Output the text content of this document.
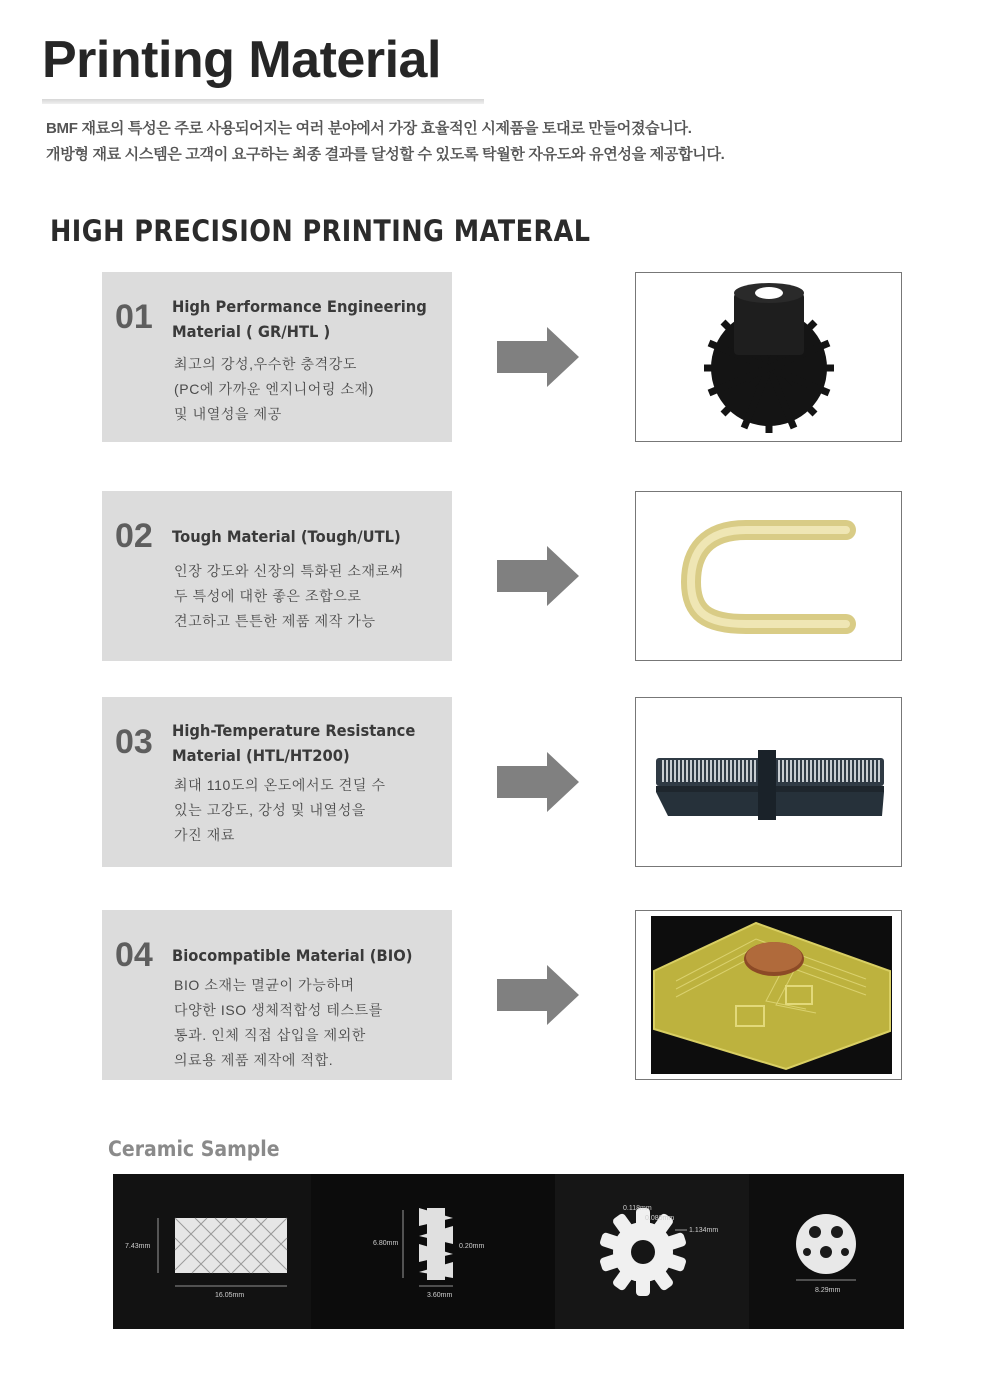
Printing Material
BMF 재료의 특성은 주로 사용되어지는 여러 분야에서 가장 효율적인 시제품을 토대로 만들어졌습니다.
개방형 재료 시스템은 고객이 요구하는 최종 결과를 달성할 수 있도록 탁월한 자유도와 유연성을 제공합니다.
HIGH PRECISION PRINTING MATERAL
01 High Performance Engineering
Material ( GR/HTL )
최고의 강성,우수한 충격강도
(PC에 가까운 엔지니어링 소재)
및 내열성을 제공
02 Tough Material (Tough/UTL)
인장 강도와 신장의 특화된 소재로써
두 특성에 대한 좋은 조합으로
견고하고 튼튼한 제품 제작 가능
03 High-Temperature Resistance
Material (HTL/HT200)
최대 110도의 온도에서도 견딜 수
있는 고강도, 강성 및 내열성을
가진 재료
04 Biocompatible Material (BIO)
BIO 소재는 멸균이 가능하며
다양한 ISO 생체적합성 테스트를
통과. 인체 직접 삽입을 제외한
의료용 제품 제작에 적합.
Ceramic Sample
7.43mm
16.05mm
6.80mm	0.20mm
3.60mm
0.118mm
0.080mm
1.134mm
8.29mm
